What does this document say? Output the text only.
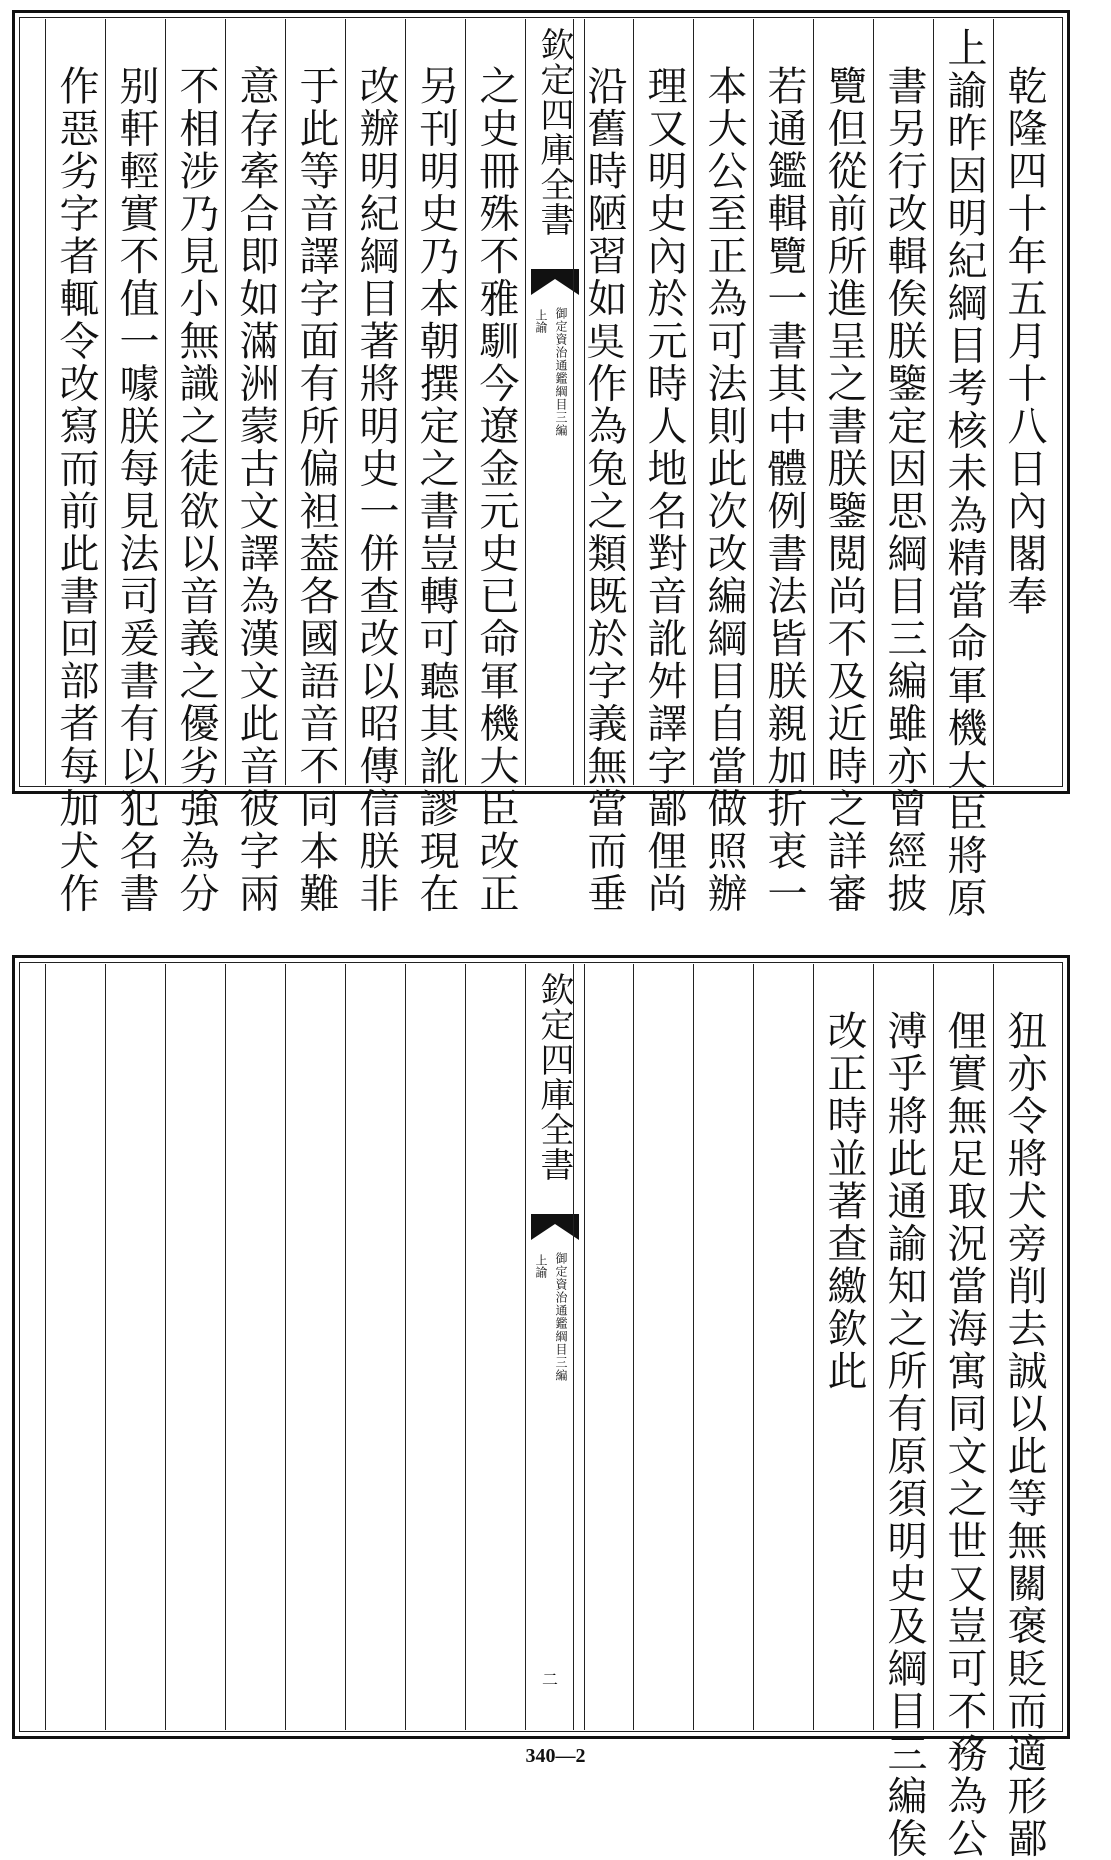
欽定四庫全書
御定資治通鑑綱目三編
上諭	乾隆四十年五月十八日內閣奉
上諭昨因明紀綱目考核未為精當命軍機大臣將原
書另行改輯俟朕鑒定因思綱目三編雖亦曾經披
覽但從前所進呈之書朕鑒閲尚不及近時之詳審
若通鑑輯覽一書其中體例書法皆朕親加折衷一
本大公至正為可法則此次改編綱目自當做照辦
理又明史內於元時人地名對音訛舛譯字鄙俚尚
沿舊時陋習如𣅳作為兔之類既於字義無當而垂
之史冊殊不雅馴今遼金元史已命軍機大臣改正
另刊明史乃本朝撰定之書豈轉可聽其訛謬現在
改辦明紀綱目著將明史一併查改以昭傳信朕非
于此等音譯字面有所偏袒葢各國語音不同本難
意存牽合即如滿洲蒙古文譯為漢文此音彼字兩
不相涉乃見小無識之徒欲以音義之優劣強為分
别軒輕實不值一噱朕每見法司爰書有以犯名書
作惡劣字者輒令改寫而前此書回部者每加犬作
欽定四庫全書
御定資治通鑑綱目三編
上諭
二	狃亦令將犬旁削去誠以此等無關褒貶而適形鄙
俚實無足取況當海寓同文之世又豈可不務為公
溥乎將此通諭知之所有原須明史及綱目三編俟
改正時並著查繳欽此
340—2
